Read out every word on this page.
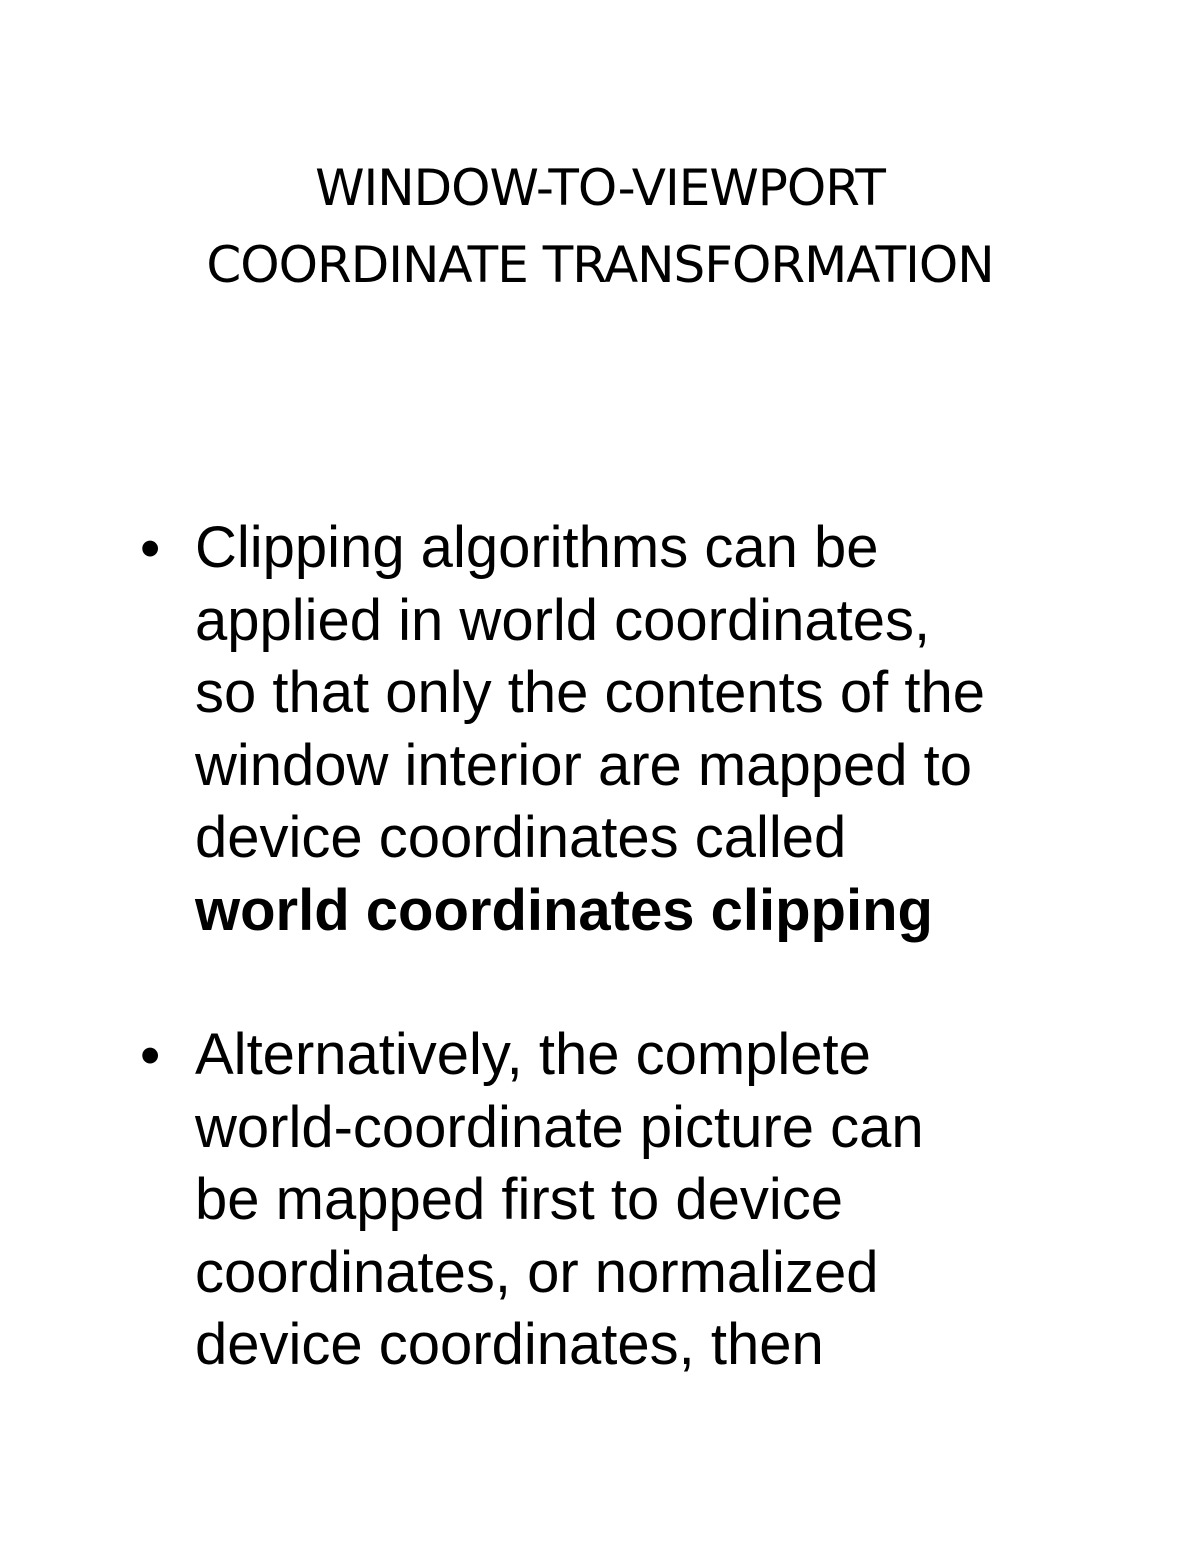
WINDOW-TO-VIEWPORT
COORDINATE TRANSFORMATION
• Clipping algorithms can be
applied in world coordinates,
so that only the contents of the
window interior are mapped to
device coordinates called
world coordinates clipping
• Alternatively, the complete
world-coordinate picture can
be mapped first to device
coordinates, or normalized
device coordinates, then
